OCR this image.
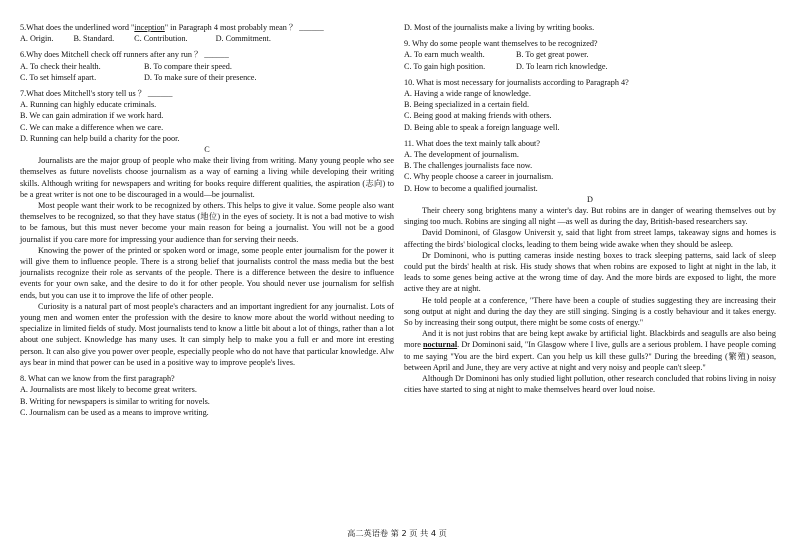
5.What does the underlined word "inception" in Paragraph 4 most probably mean ？ ______
A. Origin. B. Standard. C. Contribution.	D. Commitment.
6.Why does Mitchell check off runners after any run ？ ______
A. To check their health.	B. To compare their speed.
C. To set himself apart.	D. To make sure of their presence.
7.What does Mitchell's story tell us ？ ______
A. Running can highly educate criminals.
B. We can gain admiration if we work hard.
C. We can make a difference when we care.
D. Running can help build a charity for the poor.
C
Journalists are the major group of people who make their living from writing. Many young people who see themselves as future novelists choose journalism as a way of earning a living while developing their writing skills. Although writing for newspapers and writing for books require different qualities, the aspiration (志向) to be a great writer is not one to be discouraged in a would—be journalist.
Most people want their work to be recognized by others. This helps to give it value. Some people also want themselves to be recognized, so that they have status (地位) in the eyes of society. It is not a bad motive to wish to be famous, but this must never become your main reason for being a journalist. You will not be a good journalist if you care more for impressing your audience than for serving their needs.
Knowing the power of the printed or spoken word or image, some people enter journalism for the power it will give them to influence people. There is a strong belief that journalists control the mass media but the best journalists recognize their role as servants of the people. There is a difference between the desire to influence events for your own sake, and the desire to do it for other people. You should never use journalism for selfish ends, but you can use it to improve the life of other people.
Curiosity is a natural part of most people's characters and an important ingredient for any journalist. Lots of young men and women enter the profession with the desire to know more about the world without needing to specialize in limited fields of study. Most journalists tend to know a little bit about a lot of things, rather than a lot about one subject. Knowledge has many uses. It can simply help to make you a full er and more int eresting person. It can also give you power over people, especially people who do not have that particular knowledge. Alw ays bear in mind that power can be used in a positive way to improve people's lives.
8. What can we know from the first paragraph?
A. Journalists are most likely to become great writers.
B. Writing for newspapers is similar to writing for novels.
C. Journalism can be used as a means to improve writing.
D. Most of the journalists make a living by writing books.
9. Why do some people want themselves to be recognized?
A. To earn much wealth.	B. To get great power.
C. To gain high position.	D. To learn rich knowledge.
10. What is most necessary for journalists according to Paragraph 4?
A. Having a wide range of knowledge.
B. Being specialized in a certain field.
C. Being good at making friends with others.
D. Being able to speak a foreign language well.
11. What does the text mainly talk about?
A. The development of journalism.
B. The challenges journalists face now.
C. Why people choose a career in journalism.
D. How to become a qualified journalist.
D
Their cheery song brightens many a winter's day. But robins are in danger of wearing themselves out by singing too much. Robins are singing all night —as well as during the day, British-based researchers say.
David Dominoni, of Glasgow Universit y, said that light from street lamps, takeaway signs and homes is affecting the birds' biological clocks, leading to them being wide awake when they should be asleep.
Dr Dominoni, who is putting cameras inside nesting boxes to track sleeping patterns, said lack of sleep could put the birds' health at risk. His study shows that when robins are exposed to light at night in the lab, it leads to some genes being active at the wrong time of day. And the more birds are exposed to light, the more active they are at night.
He told people at a conference, "There have been a couple of studies suggesting they are increasing their song output at night and during the day they are still singing. Singing is a costly behaviour and it takes energy. So by increasing their song output, there might be some costs of energy."
And it is not just robins that are being kept awake by artificial light. Blackbirds and seagulls are also being more nocturnal. Dr Dominoni said, "In Glasgow where I live, gulls are a serious problem. I have people coming to me saying "You are the bird expert. Can you help us kill these gulls?" During the breeding (繁殖) season, between April and June, they are very active at night and very noisy and people can't sleep."
Although Dr Dominoni has only studied light pollution, other research concluded that robins living in noisy cities have started to sing at night to make themselves heard over loud noise.
高二英语卷 第 2 页 共 4 页
